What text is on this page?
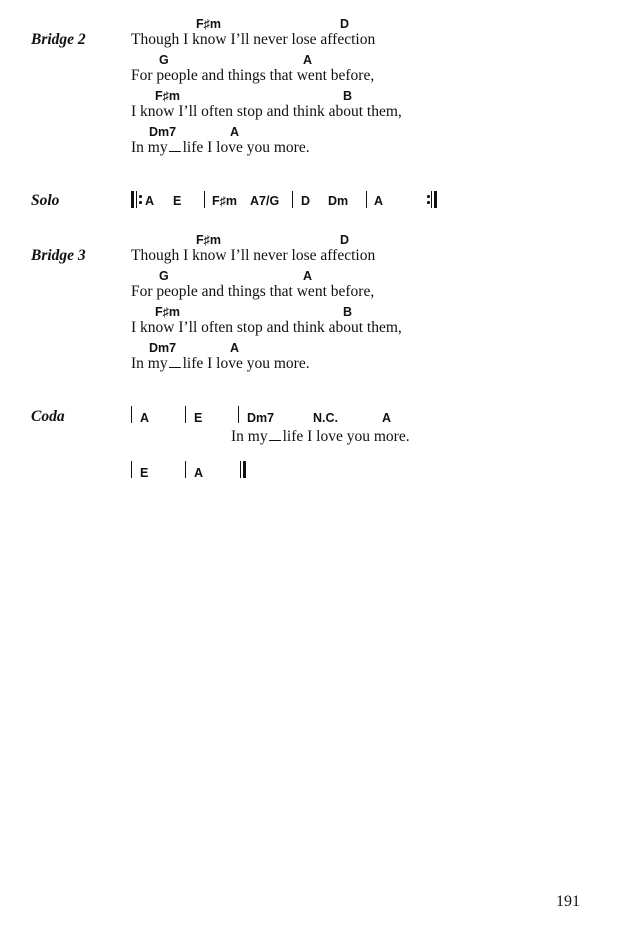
Bridge 2
F♯m	D
Though I know I’ll never lose affection
G	A
For people and things that went before,
F♯m	B
I know I’ll often stop and think about them,
Dm7	A
In my life I love you more.
Solo	A E F♯m A7/G D Dm A
Bridge 3
F♯m	D
Though I know I’ll never lose affection
G	A
For people and things that went before,
F♯m	B
I know I’ll often stop and think about them,
Dm7	A
In my life I love you more.
Coda	A	E	Dm7	N.C.	A
In my life I love you more.
E	A
191
